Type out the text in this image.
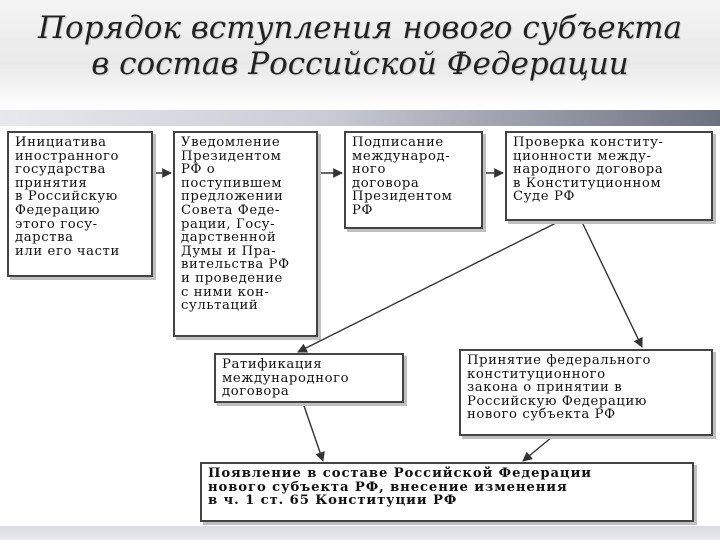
Порядок вступления нового субъекта
в состав Российской Федерации
Инициатива
иностранного
государства
принятия
в Российскую
Федерацию
этого госу-
дарства
или его части
Уведомление
Президентом
РФ о
поступившем
предложении
Совета Феде-
рации, Госу-
дарственной
Думы и Пра-
вительства РФ
и проведение
с ними кон-
сультаций
Подписание
международ-
ного
договора
Президентом
РФ
Проверка конститу-
ционности между-
народного договора
в Конституционном
Суде РФ
Ратификация
международного
договора
Принятие федерального
конституционного
закона о принятии в
Российскую Федерацию
нового субъекта РФ
Появление в составе Российской Федерации
нового субъекта РФ, внесение изменения
в ч. 1 ст. 65 Конституции РФ
